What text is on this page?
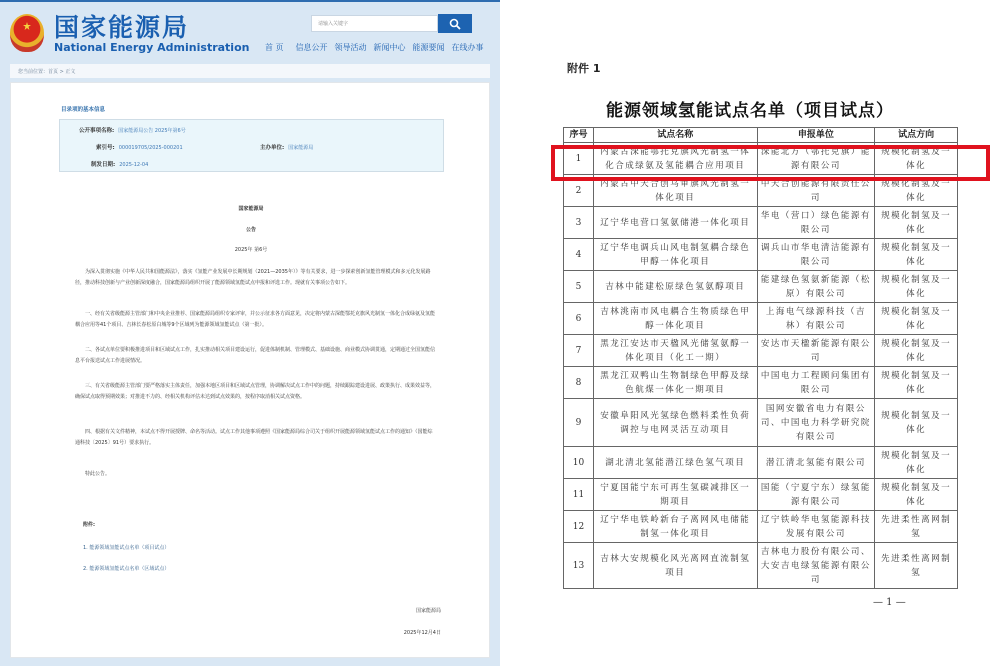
国家能源局
National Energy Administration
请输入关键字
首 页 信息公开 领导活动 新闻中心 能源要闻 在线办事
您当前位置：首页 > 正文
目录项的基本信息
公开事项名称: 国家能源局公告 2025年第6号
索引号: 000019705/2025-000201	主办单位: 国家能源局
制发日期: 2025-12-04
国家能源局
公告
2025年 第6号
为深入贯彻实施《中华人民共和国能源法》，落实《氢能产业发展中长期规划（2021—2035年）》等有关要求，进一步探索创新氢能管理模式和多元化发展路径，推动科技创新与产业创新深度融合，国家能源局组织开展了能源领域氢能试点申报和评选工作。现就有关事项公告如下。
一、经有关省级能源主管部门和中央企业推荐、国家能源局组织专家评审，并公示征求各方面意见，决定将内蒙古深能鄂托克旗风光制氢一体化合成绿氨及氢能耦合应用等41个项目、吉林长春松原白城等9个区域列为能源领域氢能试点（第一批）。
二、各试点单位要积极推进项目和区域试点工作，扎实推动相关项目建设运行，促进体制机制、管理模式、基础设施、商业模式协调贯通，定期通过全国氢能信息平台报送试点工作进展情况。
三、有关省级能源主管部门要严格落实主体责任，加强本地区项目和区域试点管理，协调解决试点工作中的问题，持续跟踪建设进展、政策执行、成果效益等，确保试点取得预期效果；对推进不力的、经相关机构评估未达到试点效果的，按程序取消相关试点资格。
四、根据有关文件精神，本试点不得开展授牌、命名等活动。试点工作其他事项遵照《国家能源局综合司关于组织开展能源领域氢能试点工作的通知》（国能综通科技〔2025〕91号）要求执行。
特此公告。
附件:
1. 能源领域氢能试点名单（项目试点）
2. 能源领域氢能试点名单（区域试点）
国家能源局
2025年12月4日
附件 1
能源领域氢能试点名单（项目试点）
序号	试点名称	申报单位	试点方向
1	内蒙古深能鄂托克旗风光制氢一体化合成绿氨及氢能耦合应用项目	深能北方（鄂托克旗）能源有限公司	规模化制氢及一体化
2	内蒙古中天合创乌审旗风光制氢一体化项目	中天合创能源有限责任公司	规模化制氢及一体化
3	辽宁华电营口氢氨储港一体化项目	华电（营口）绿色能源有限公司	规模化制氢及一体化
4	辽宁华电调兵山风电制氢耦合绿色甲醇一体化项目	调兵山市华电清洁能源有限公司	规模化制氢及一体化
5	吉林中能建松原绿色氢氨醇项目	能建绿色氢氨新能源（松原）有限公司	规模化制氢及一体化
6	吉林洮南市风电耦合生物质绿色甲醇一体化项目	上海电气绿源科技（吉林）有限公司	规模化制氢及一体化
7	黑龙江安达市天楹风光储氢氨醇一体化项目（化工一期）	安达市天楹新能源有限公司	规模化制氢及一体化
8	黑龙江双鸭山生物制绿色甲醇及绿色航煤一体化一期项目	中国电力工程顾问集团有限公司	规模化制氢及一体化
9	安徽阜阳风光氢绿色燃料柔性负荷调控与电网灵活互动项目	国网安徽省电力有限公司、中国电力科学研究院有限公司	规模化制氢及一体化
10	湖北清北氢能潜江绿色氢气项目	潜江清北氢能有限公司	规模化制氢及一体化
11	宁夏国能宁东可再生氢碳减排区一期项目	国能（宁夏宁东）绿氢能源有限公司	规模化制氢及一体化
12	辽宁华电铁岭新台子离网风电储能制氢一体化项目	辽宁铁岭华电氢能源科技发展有限公司	先进柔性离网制氢
13	吉林大安规模化风光离网直流制氢项目	吉林电力股份有限公司、大安吉电绿氢能源有限公司	先进柔性离网制氢
— 1 —
